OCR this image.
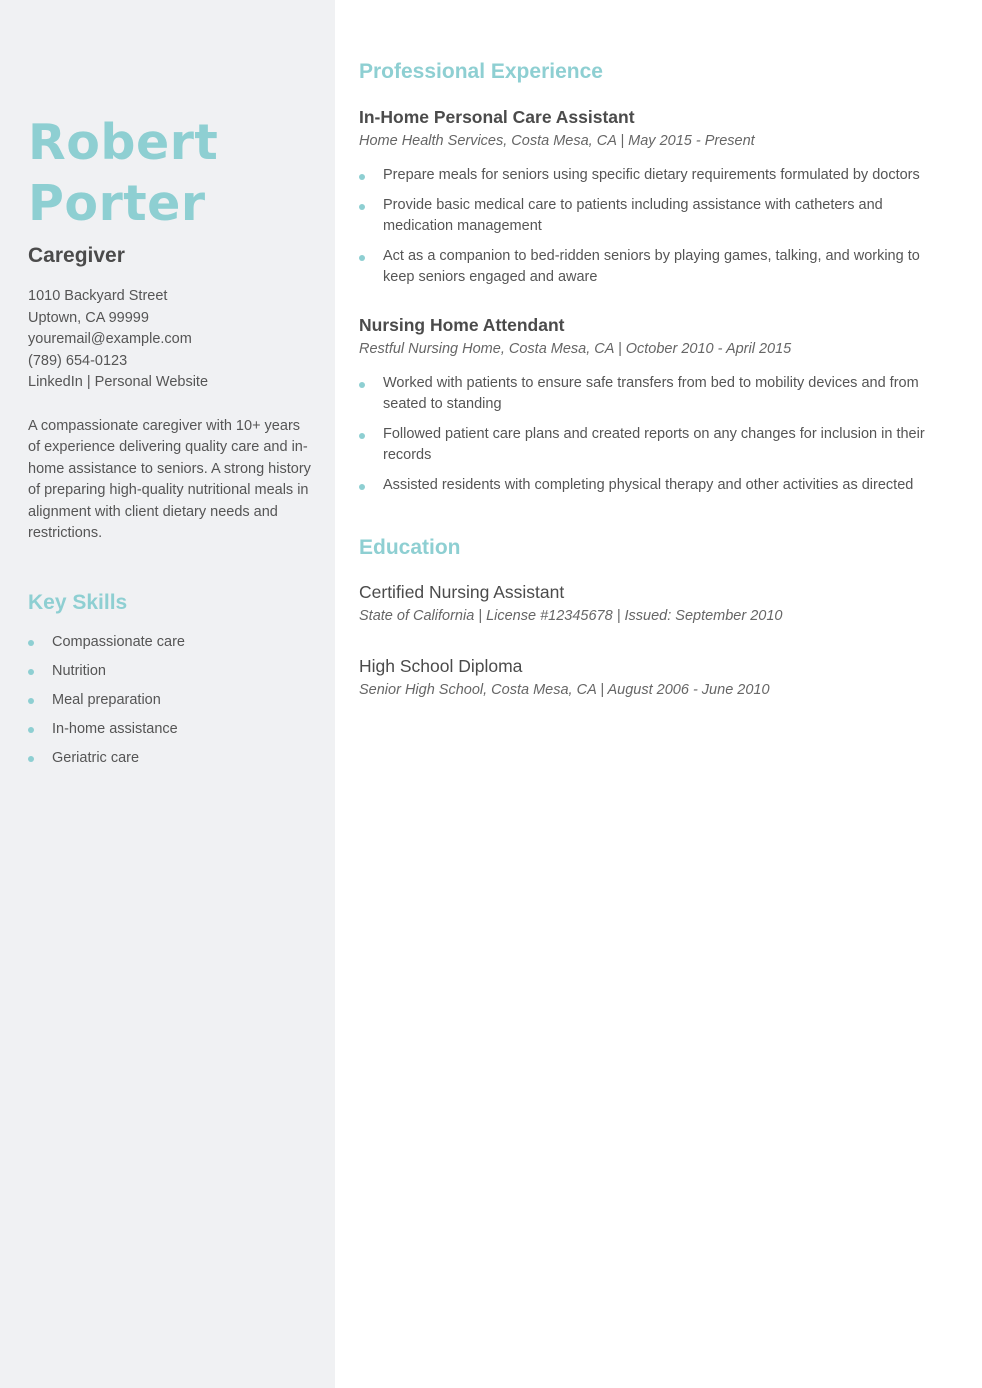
Robert
Porter
Caregiver
1010 Backyard Street
Uptown, CA 99999
youremail@example.com
(789) 654-0123
LinkedIn | Personal Website

A compassionate caregiver with 10+ years of experience delivering quality care and in-home assistance to seniors. A strong history of preparing high-quality nutritional meals in alignment with client dietary needs and restrictions.

Key Skills
Compassionate care
Nutrition
Meal preparation
In-home assistance
Geriatric care
Professional Experience
In-Home Personal Care Assistant
Home Health Services, Costa Mesa, CA | May 2015 - Present
Prepare meals for seniors using specific dietary requirements formulated by doctors
Provide basic medical care to patients including assistance with catheters and medication management
Act as a companion to bed-ridden seniors by playing games, talking, and working to keep seniors engaged and aware
Nursing Home Attendant
Restful Nursing Home, Costa Mesa, CA | October 2010 - April 2015
Worked with patients to ensure safe transfers from bed to mobility devices and from seated to standing
Followed patient care plans and created reports on any changes for inclusion in their records
Assisted residents with completing physical therapy and other activities as directed
Education
Certified Nursing Assistant
State of California | License #12345678 | Issued: September 2010
High School Diploma
Senior High School, Costa Mesa, CA | August 2006 - June 2010
